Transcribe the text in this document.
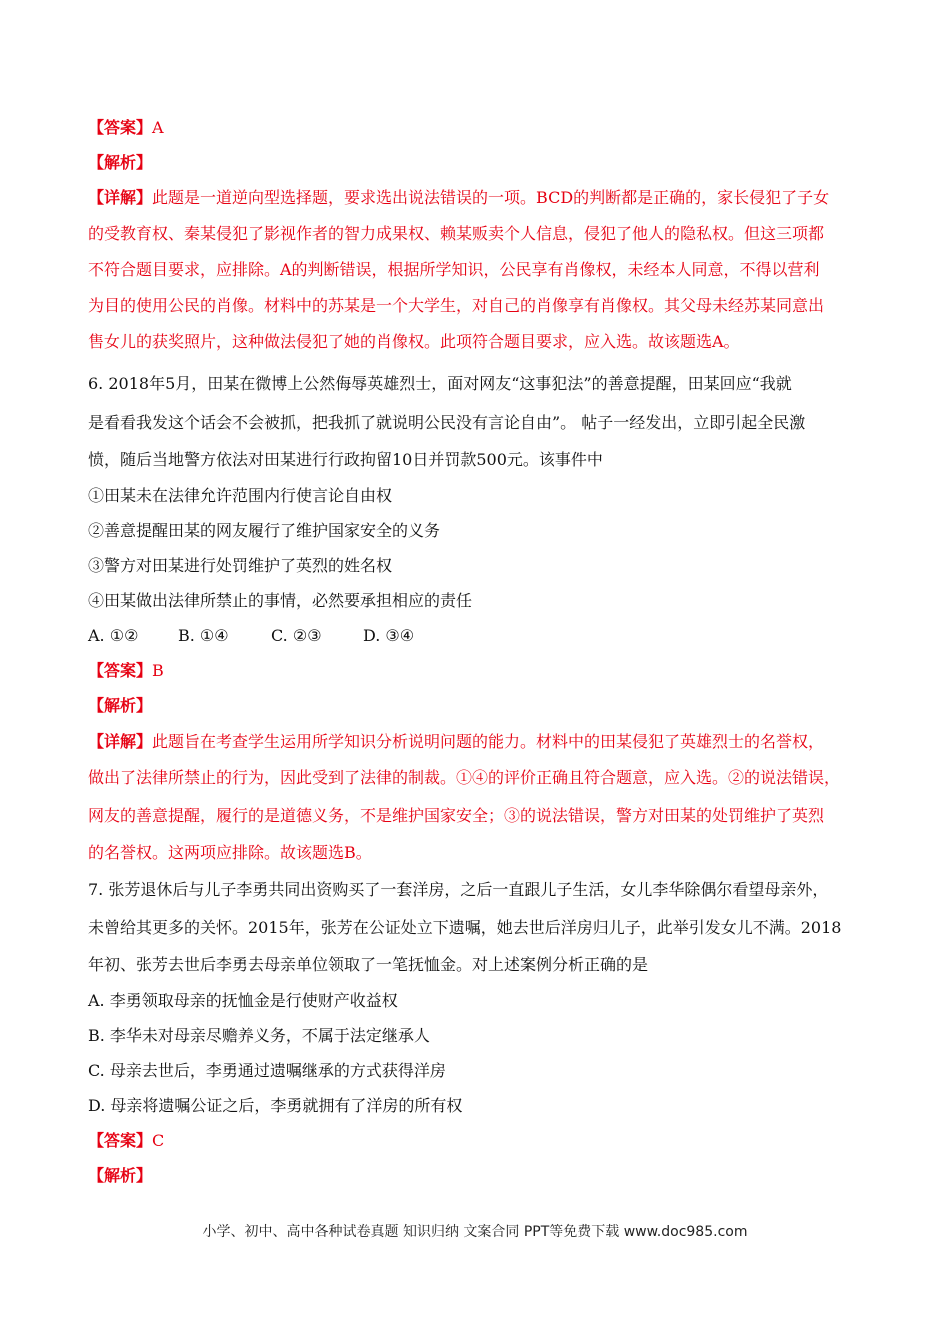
【答案】A
【解析】
【详解】此题是一道逆向型选择题，要求选出说法错误的一项。BCD的判断都是正确的，家长侵犯了子女
的受教育权、秦某侵犯了影视作者的智力成果权、赖某贩卖个人信息，侵犯了他人的隐私权。但这三项都
不符合题目要求，应排除。A的判断错误，根据所学知识，公民享有肖像权，未经本人同意，不得以营利
为目的使用公民的肖像。材料中的苏某是一个大学生，对自己的肖像享有肖像权。其父母未经苏某同意出
售女儿的获奖照片，这种做法侵犯了她的肖像权。此项符合题目要求，应入选。故该题选A。
6. 2018年5月，田某在微博上公然侮辱英雄烈士，面对网友“这事犯法”的善意提醒，田某回应“我就
是看看我发这个话会不会被抓，把我抓了就说明公民没有言论自由”。 帖子一经发出，立即引起全民激
愤，随后当地警方依法对田某进行行政拘留10日并罚款500元。该事件中
①田某未在法律允许范围内行使言论自由权
②善意提醒田某的网友履行了维护国家安全的义务
③警方对田某进行处罚维护了英烈的姓名权
④田某做出法律所禁止的事情，必然要承担相应的责任
A. ①② B. ①④	C. ②③	D. ③④
【答案】B
【解析】
【详解】此题旨在考查学生运用所学知识分析说明问题的能力。材料中的田某侵犯了英雄烈士的名誉权，
做出了法律所禁止的行为，因此受到了法律的制裁。①④的评价正确且符合题意，应入选。②的说法错误，
网友的善意提醒，履行的是道德义务，不是维护国家安全；③的说法错误，警方对田某的处罚维护了英烈
的名誉权。这两项应排除。故该题选B。
7. 张芳退休后与儿子李勇共同出资购买了一套洋房，之后一直跟儿子生活，女儿李华除偶尔看望母亲外，
未曾给其更多的关怀。2015年，张芳在公证处立下遗嘱，她去世后洋房归儿子，此举引发女儿不满。2018
年初、张芳去世后李勇去母亲单位领取了一笔抚恤金。对上述案例分析正确的是
A. 李勇领取母亲的抚恤金是行使财产收益权
B. 李华未对母亲尽赡养义务，不属于法定继承人
C. 母亲去世后，李勇通过遗嘱继承的方式获得洋房
D. 母亲将遗嘱公证之后，李勇就拥有了洋房的所有权
【答案】C
【解析】
小学、初中、高中各种试卷真题 知识归纳 文案合同 PPT等免费下载 www.doc985.com
